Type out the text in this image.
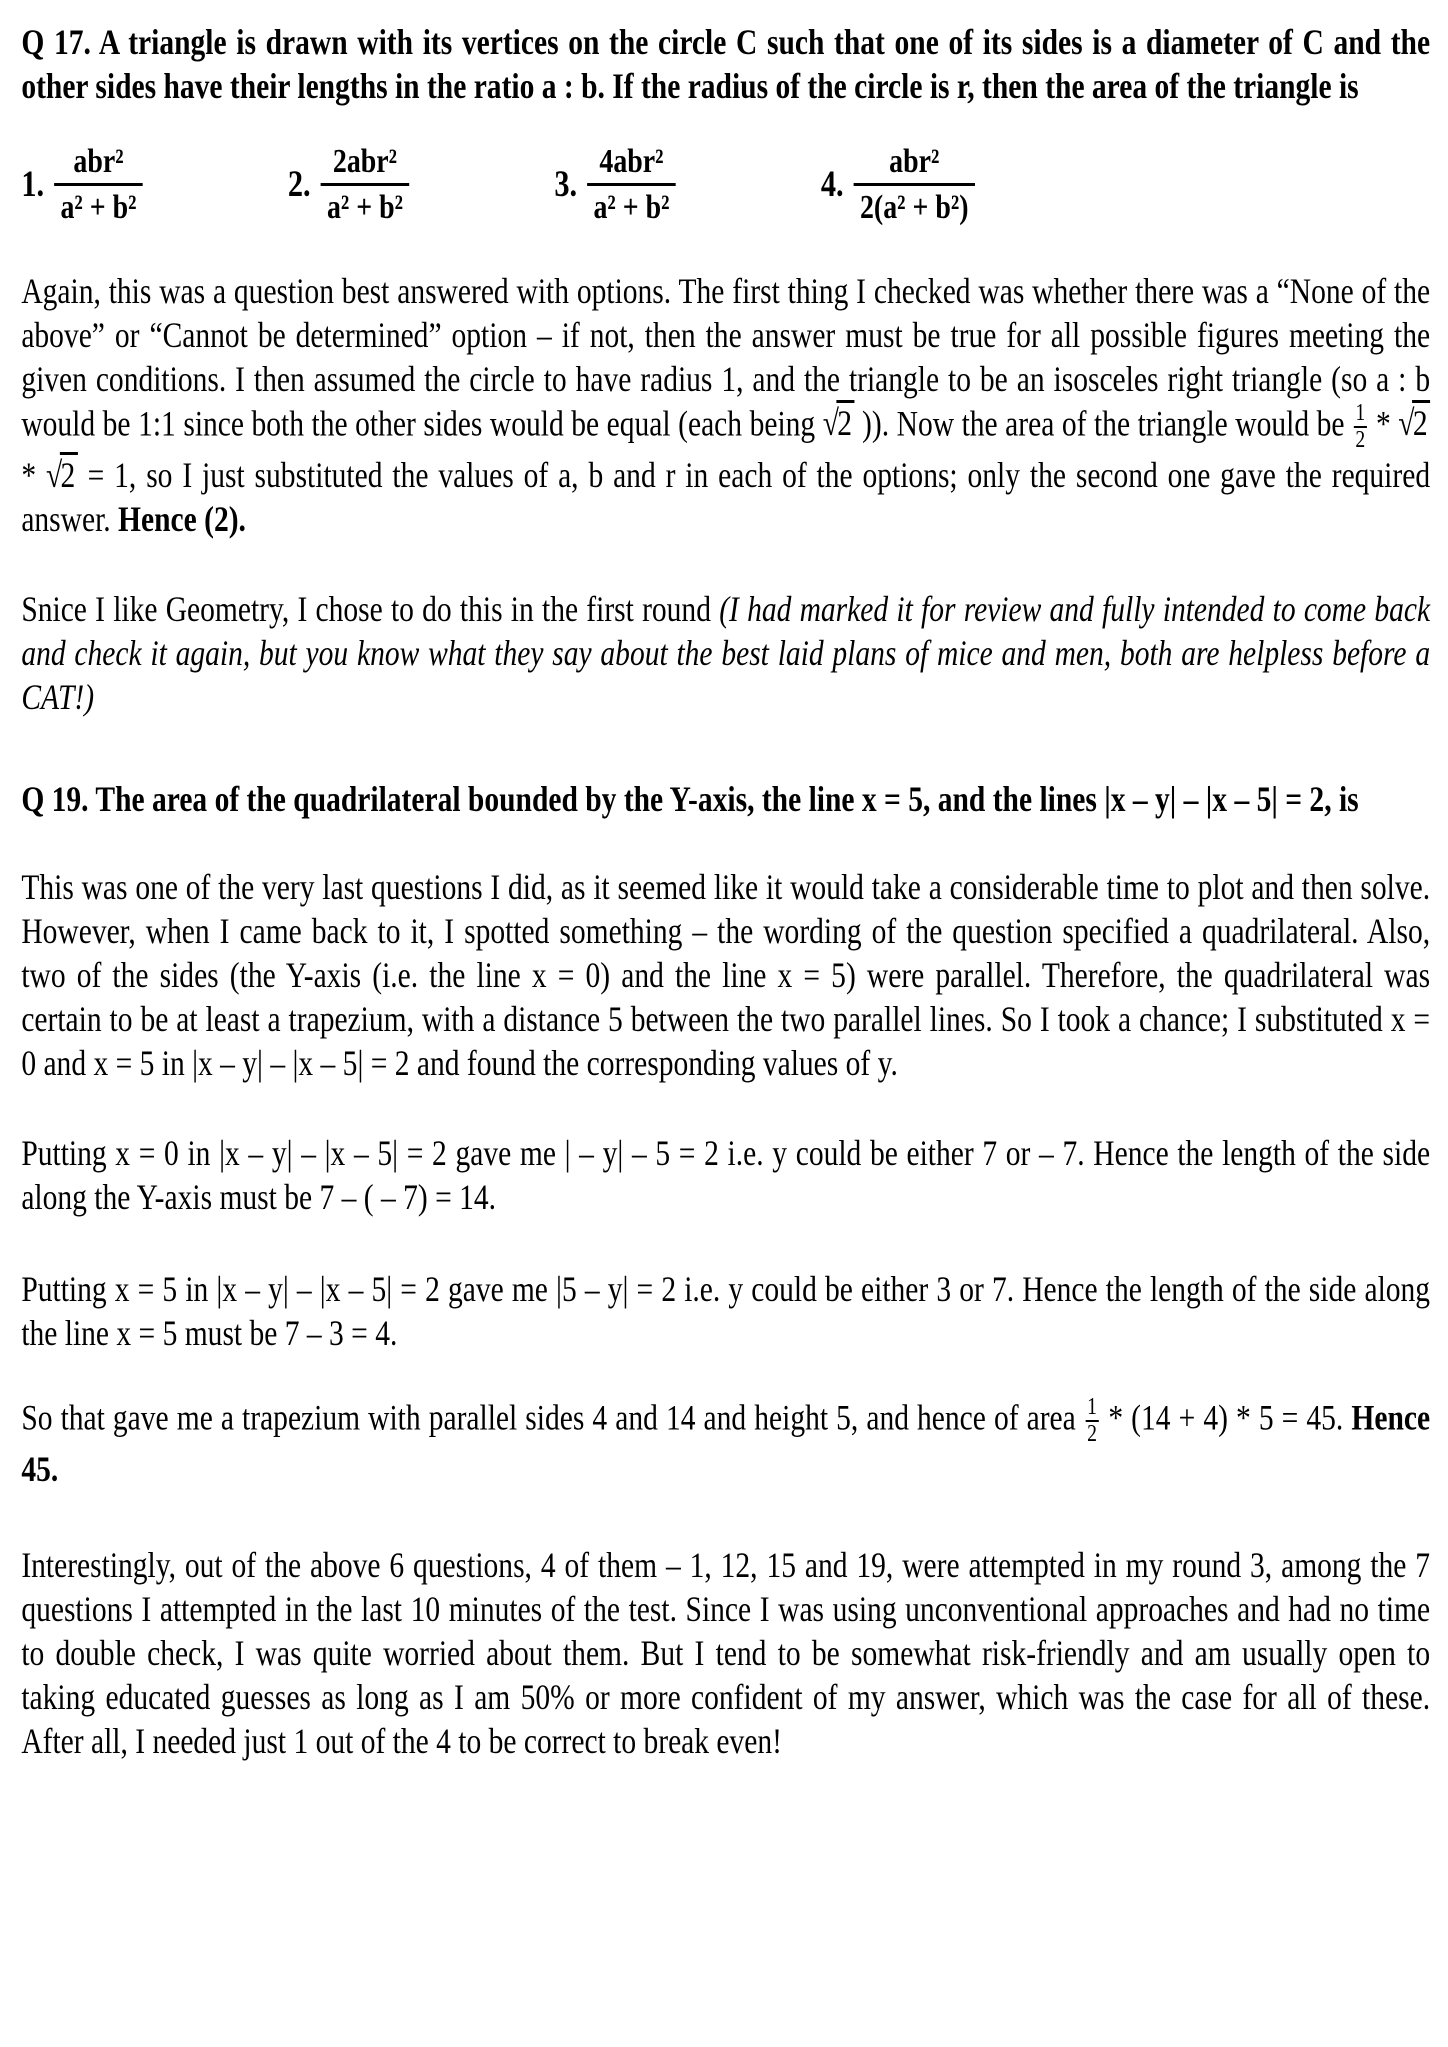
Q 17. A triangle is drawn with its vertices on the circle C such that one of its sides is a diameter of C and the other sides have their lengths in the ratio a : b. If the radius of the circle is r, then the area of the triangle is

1. $\frac{\text{abr²}}{\text{a² + b²}}$	2. $\frac{\text{2abr²}}{\text{a² + b²}}$	3. $\frac{\text{4abr²}}{\text{a² + b²}}$	4. $\frac{\text{abr²}}{\text{2(a² + b²)}}$

Again, this was a question best answered with options. The first thing I checked was whether there was a “None of the above” or “Cannot be determined” option – if not, then the answer must be true for all possible figures meeting the given conditions. I then assumed the circle to have radius 1, and the triangle to be an isosceles right triangle (so a : b would be 1:1 since both the other sides would be equal (each being √2 )). Now the area of the triangle would be $\frac{1}{2} * √2 * √2 = 1$, so I just substituted the values of a, b and r in each of the options; only the second one gave the required answer. Hence (2).

Snice I like Geometry, I chose to do this in the first round (I had marked it for review and fully intended to come back and check it again, but you know what they say about the best laid plans of mice and men, both are helpless before a CAT!)

Q 19. The area of the quadrilateral bounded by the Y-axis, the line x = 5, and the lines |x – y| – |x – 5| = 2, is

This was one of the very last questions I did, as it seemed like it would take a considerable time to plot and then solve. However, when I came back to it, I spotted something – the wording of the question specified a quadrilateral. Also, two of the sides (the Y-axis (i.e. the line x = 0) and the line x = 5) were parallel. Therefore, the quadrilateral was certain to be at least a trapezium, with a distance 5 between the two parallel lines. So I took a chance; I substituted x = 0 and x = 5 in |x – y| – |x – 5| = 2 and found the corresponding values of y.

Putting x = 0 in |x – y| – |x – 5| = 2 gave me | – y| – 5 = 2 i.e. y could be either 7 or – 7. Hence the length of the side along the Y-axis must be 7 – ( – 7) = 14.

Putting x = 5 in |x – y| – |x – 5| = 2 gave me |5 – y| = 2 i.e. y could be either 3 or 7. Hence the length of the side along the line x = 5 must be 7 – 3 = 4.

So that gave me a trapezium with parallel sides 4 and 14 and height 5, and hence of area $\frac{1}{2} * (14 + 4) * 5 = 45$. Hence 45.

Interestingly, out of the above 6 questions, 4 of them – 1, 12, 15 and 19, were attempted in my round 3, among the 7 questions I attempted in the last 10 minutes of the test. Since I was using unconventional approaches and had no time to double check, I was quite worried about them. But I tend to be somewhat risk-friendly and am usually open to taking educated guesses as long as I am 50% or more confident of my answer, which was the case for all of these. After all, I needed just 1 out of the 4 to be correct to break even!
